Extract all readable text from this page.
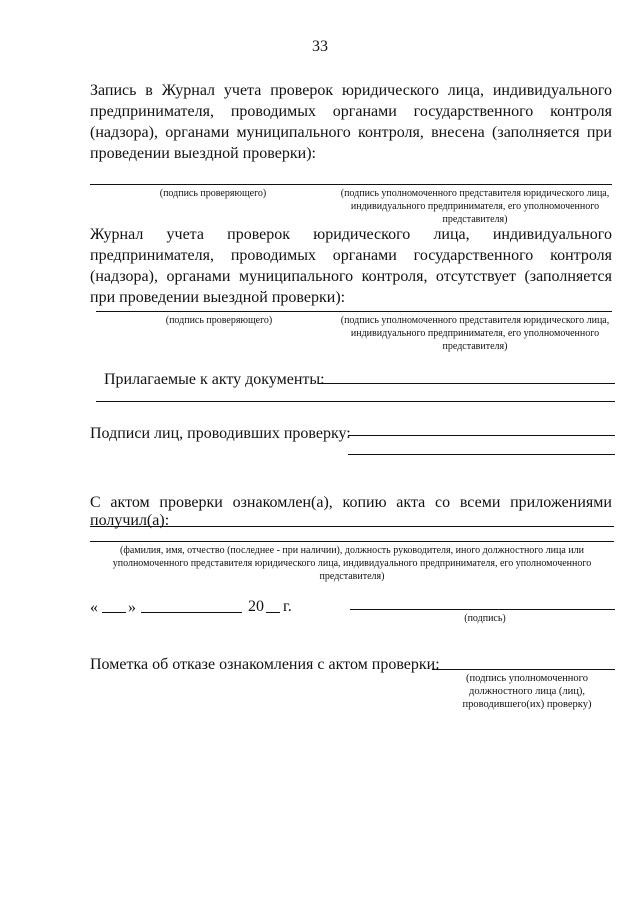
33
Запись в Журнал учета проверок юридического лица, индивидуального предпринимателя, проводимых органами государственного контроля (надзора), органами муниципального контроля, внесена (заполняется при проведении выездной проверки):
(подпись проверяющего)	(подпись уполномоченного представителя юридического лица, индивидуального предпринимателя, его уполномоченного представителя)
Журнал учета проверок юридического лица, индивидуального
предпринимателя, проводимых органами государственного контроля (надзора), органами муниципального контроля, отсутствует (заполняется при проведении выездной проверки):
(подпись проверяющего)	(подпись уполномоченного представителя юридического лица, индивидуального предпринимателя, его уполномоченного представителя)
Прилагаемые к акту документы:
Подписи лиц, проводивших проверку:
С актом проверки ознакомлен(а), копию акта со всеми приложениями
получил(а):
(фамилия, имя, отчество (последнее - при наличии), должность руководителя, иного должностного лица или уполномоченного представителя юридического лица, индивидуального предпринимателя, его уполномоченного представителя)
« »	20 г.
(подпись)
Пометка об отказе ознакомления с актом проверки:
(подпись уполномоченного должностного лица (лиц), проводившего(их) проверку)
